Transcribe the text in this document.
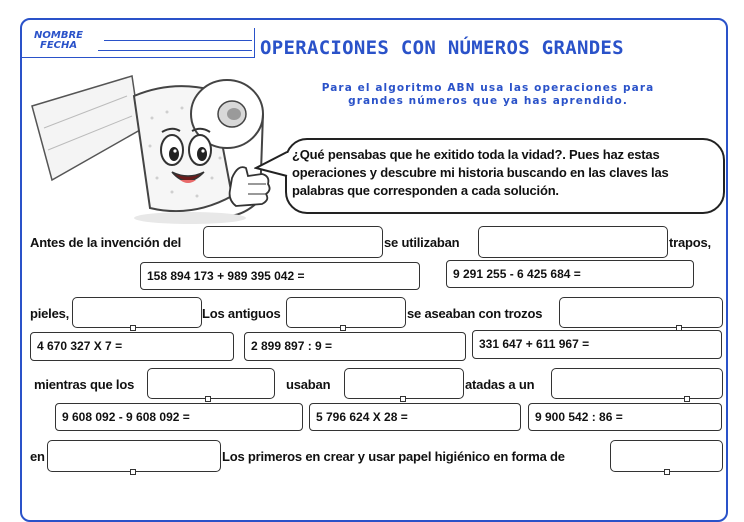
NOMBRE
FECHA	OPERACIONES CON NÚMEROS GRANDES
Para el algoritmo ABN usa las operaciones para
grandes números que ya has aprendido.
¿Qué pensabas que he exitido toda la vidad?. Pues haz estas operaciones y descubre mi historia buscando en las claves las palabras que corresponden a cada solución.
Antes de la invención del	se utilizaban	trapos,
158 894 173 + 989 395 042 =	9 291 255 - 6 425 684 =
pieles,	Los antiguos	se aseaban con trozos
4 670 327 X 7 =	2 899 897 : 9 =	331 647 + 611 967 =
mientras que los	usaban	atadas a un
9 608 092 - 9 608 092 =	5 796 624 X 28 =	9 900 542 : 86 =
en	Los primeros en crear y usar papel higiénico en forma de
